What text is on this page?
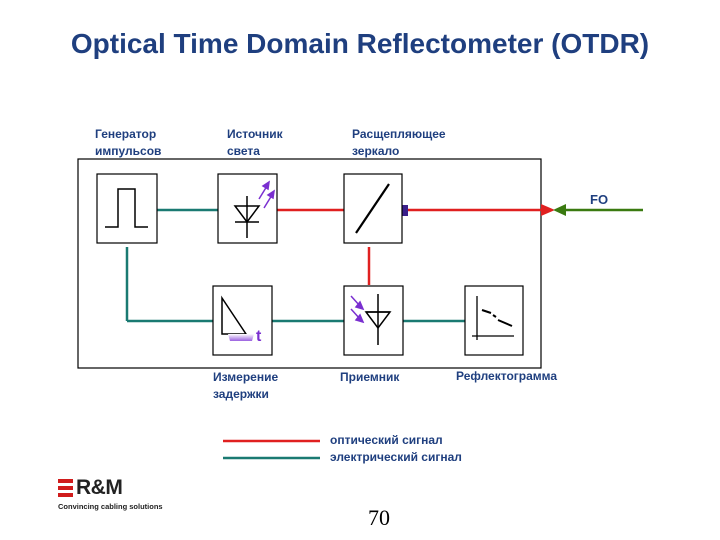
Optical Time Domain Reflectometer (OTDR)
t
Генератор
импульсов
Источник
света
Расщепляющее
зеркало
FO
Измерение
задержки
Приемник	Рефлектограмма
оптический сигнал
электрический сигнал
R&M
Convincing cabling solutions	70
